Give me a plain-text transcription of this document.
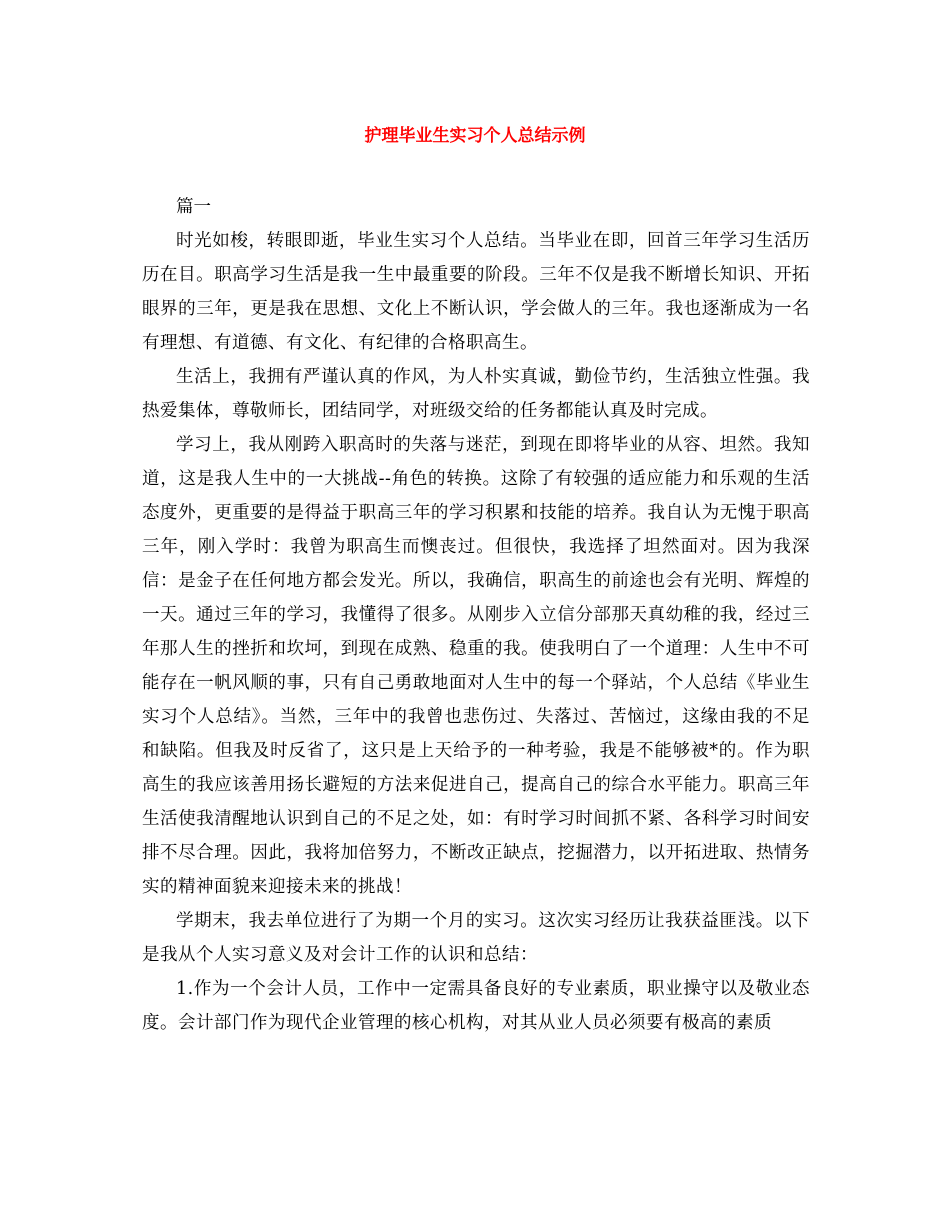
护理毕业生实习个人总结示例

篇一

时光如梭，转眼即逝，毕业生实习个人总结。当毕业在即，回首三年学习生活历历在目。职高学习生活是我一生中最重要的阶段。三年不仅是我不断增长知识、开拓眼界的三年，更是我在思想、文化上不断认识，学会做人的三年。我也逐渐成为一名有理想、有道德、有文化、有纪律的合格职高生。

生活上，我拥有严谨认真的作风，为人朴实真诚，勤俭节约，生活独立性强。我热爱集体，尊敬师长，团结同学，对班级交给的任务都能认真及时完成。

学习上，我从刚跨入职高时的失落与迷茫，到现在即将毕业的从容、坦然。我知道，这是我人生中的一大挑战--角色的转换。这除了有较强的适应能力和乐观的生活态度外，更重要的是得益于职高三年的学习积累和技能的培养。我自认为无愧于职高三年，刚入学时：我曾为职高生而懊丧过。但很快，我选择了坦然面对。因为我深信：是金子在任何地方都会发光。所以，我确信，职高生的前途也会有光明、辉煌的一天。通过三年的学习，我懂得了很多。从刚步入立信分部那天真幼稚的我，经过三年那人生的挫折和坎坷，到现在成熟、稳重的我。使我明白了一个道理：人生中不可能存在一帆风顺的事，只有自己勇敢地面对人生中的每一个驿站，个人总结《毕业生实习个人总结》。当然，三年中的我曾也悲伤过、失落过、苦恼过，这缘由我的不足和缺陷。但我及时反省了，这只是上天给予的一种考验，我是不能够被*的。作为职高生的我应该善用扬长避短的方法来促进自己，提高自己的综合水平能力。职高三年生活使我清醒地认识到自己的不足之处，如：有时学习时间抓不紧、各科学习时间安排不尽合理。因此，我将加倍努力，不断改正缺点，挖掘潜力，以开拓进取、热情务实的精神面貌来迎接未来的挑战！

学期末，我去单位进行了为期一个月的实习。这次实习经历让我获益匪浅。以下是我从个人实习意义及对会计工作的认识和总结：

1.作为一个会计人员，工作中一定需具备良好的专业素质，职业操守以及敬业态度。会计部门作为现代企业管理的核心机构，对其从业人员必须要有极高的素质
